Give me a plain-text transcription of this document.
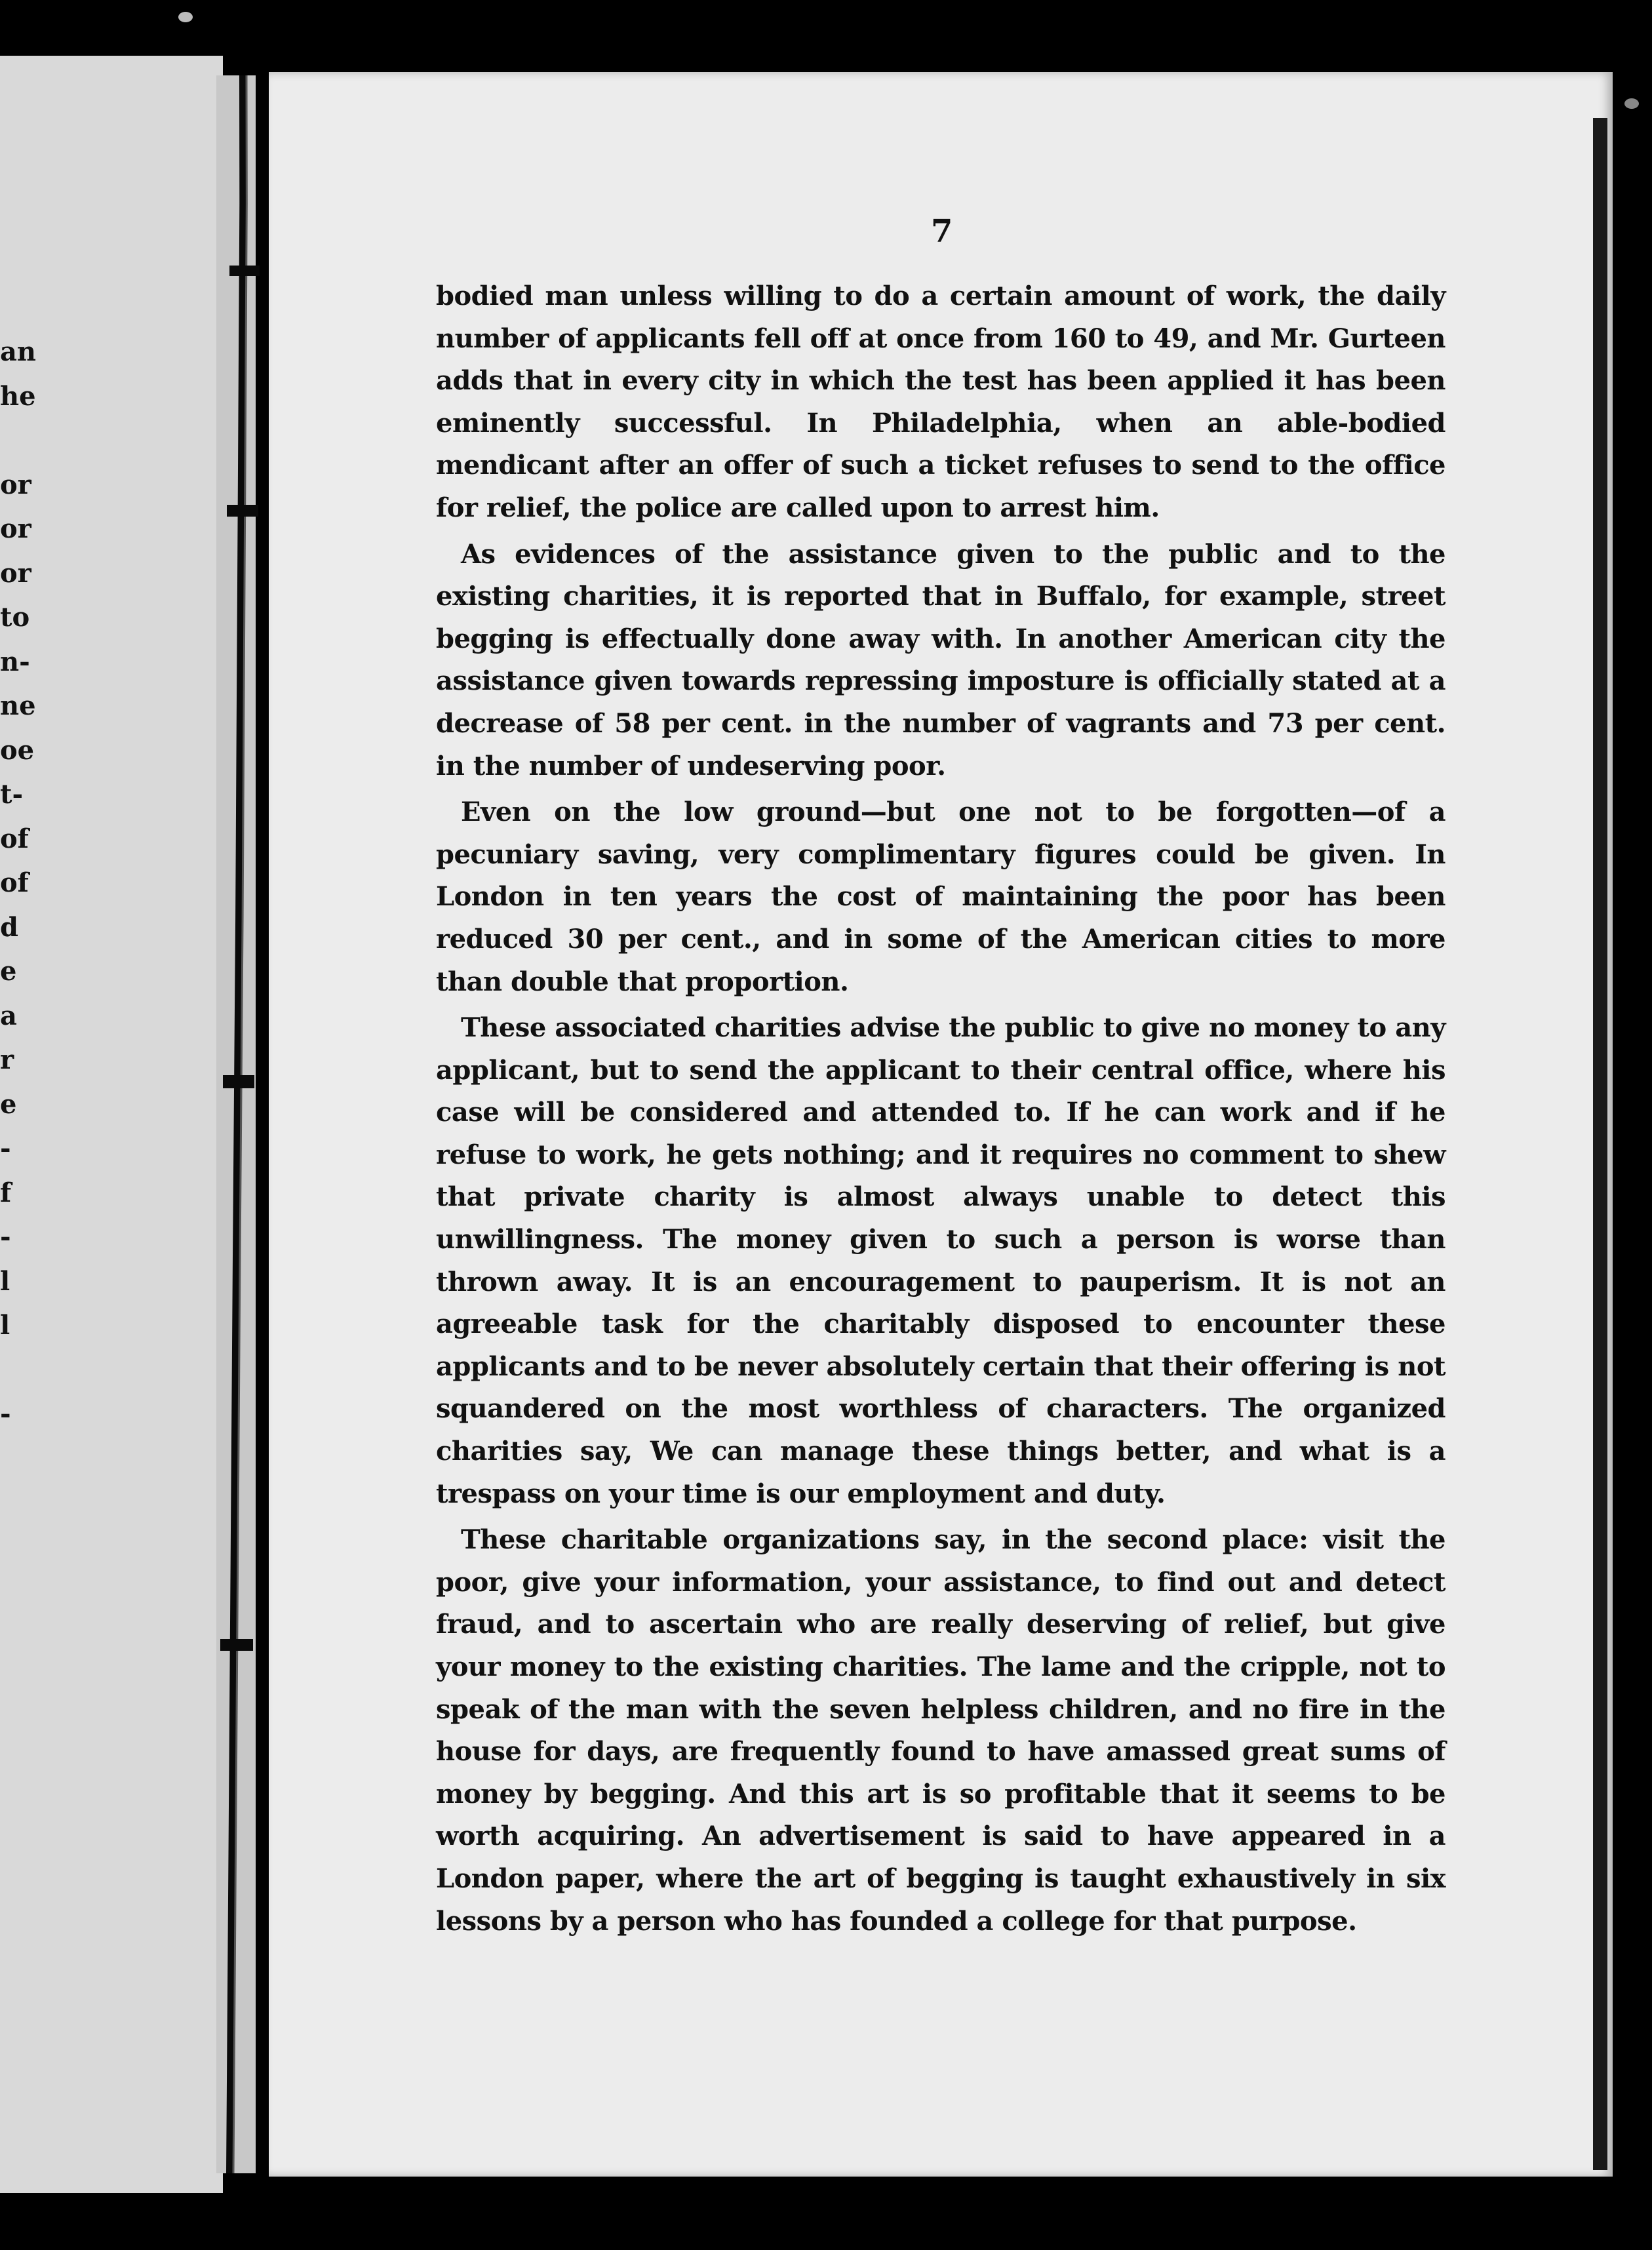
an
he
or
or
or
to
n-
ne
oe
t-
of
of
d
e
a
r
e
-
f
-
l
l
-
7

bodied man unless willing to do a certain amount of work, the daily number of applicants fell off at once from 160 to 49, and Mr. Gurteen adds that in every city in which the test has been applied it has been eminently successful. In Philadelphia, when an able-bodied mendicant after an offer of such a ticket refuses to send to the office for relief, the police are called upon to arrest him.

As evidences of the assistance given to the public and to the existing charities, it is reported that in Buffalo, for example, street begging is effectually done away with. In another American city the assistance given towards repressing imposture is officially stated at a decrease of 58 per cent. in the number of vagrants and 73 per cent. in the number of undeserving poor.

Even on the low ground—but one not to be forgotten—of a pecuniary saving, very complimentary figures could be given. In London in ten years the cost of maintaining the poor has been reduced 30 per cent., and in some of the American cities to more than double that proportion.

These associated charities advise the public to give no money to any applicant, but to send the applicant to their central office, where his case will be considered and attended to. If he can work and if he refuse to work, he gets nothing; and it requires no comment to shew that private charity is almost always unable to detect this unwillingness. The money given to such a person is worse than thrown away. It is an encouragement to pauperism. It is not an agreeable task for the charitably disposed to encounter these applicants and to be never absolutely certain that their offering is not squandered on the most worthless of characters. The organized charities say, We can manage these things better, and what is a trespass on your time is our employment and duty.

These charitable organizations say, in the second place: visit the poor, give your information, your assistance, to find out and detect fraud, and to ascertain who are really deserving of relief, but give your money to the existing charities. The lame and the cripple, not to speak of the man with the seven helpless children, and no fire in the house for days, are frequently found to have amassed great sums of money by begging. And this art is so profitable that it seems to be worth acquiring. An advertisement is said to have appeared in a London paper, where the art of begging is taught exhaustively in six lessons by a person who has founded a college for that purpose.
